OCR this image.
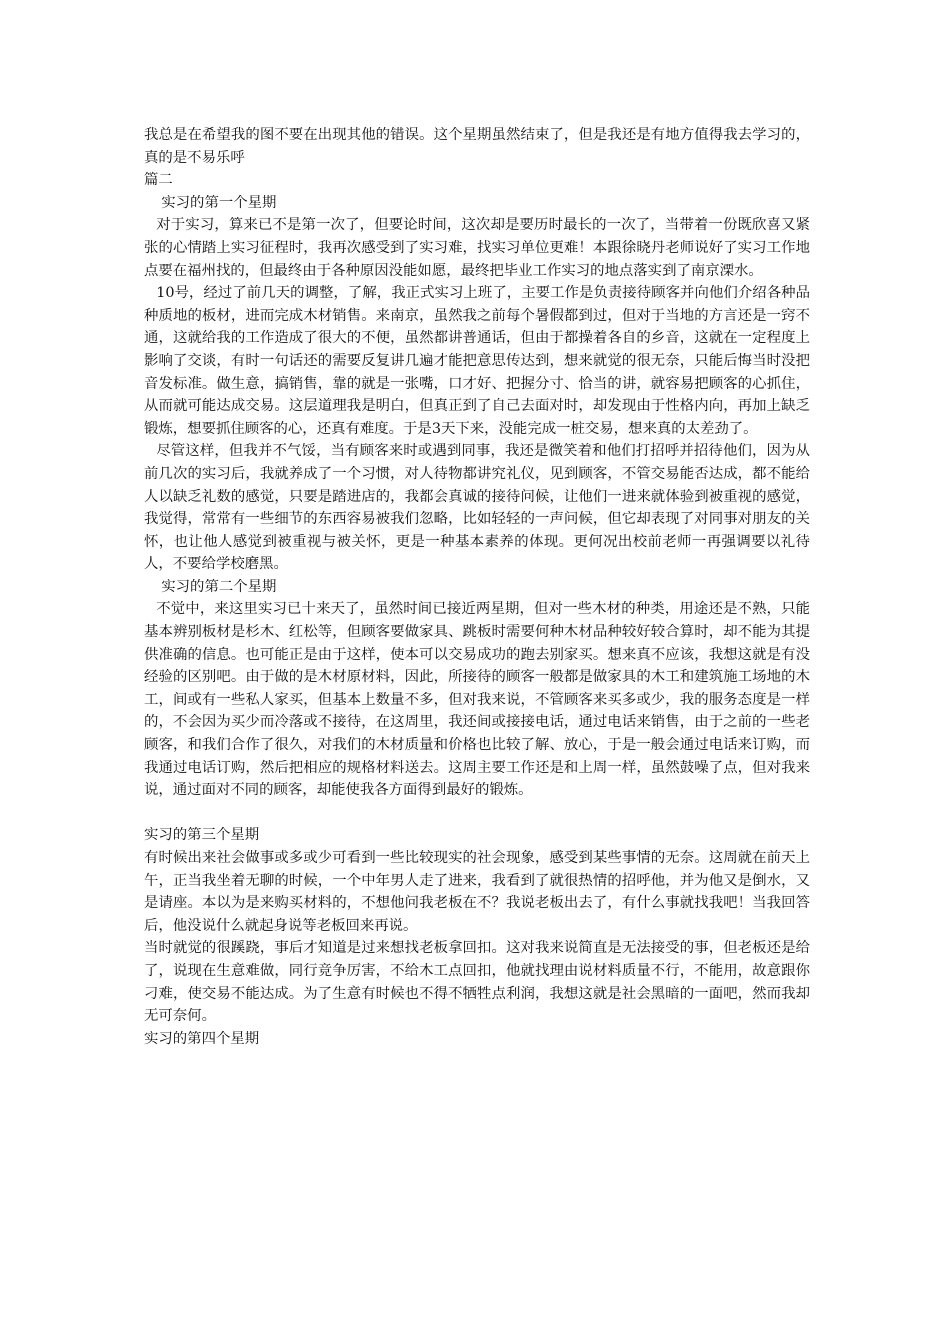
我总是在希望我的图不要在出现其他的错误。这个星期虽然结束了，但是我还是有地方值得我去学习的，真的是不易乐呼

篇二

实习的第一个星期

对于实习，算来已不是第一次了，但要论时间，这次却是要历时最长的一次了，当带着一份既欣喜又紧张的心情踏上实习征程时，我再次感受到了实习难，找实习单位更难！本跟徐晓丹老师说好了实习工作地点要在福州找的，但最终由于各种原因没能如愿，最终把毕业工作实习的地点落实到了南京溧水。

10号，经过了前几天的调整，了解，我正式实习上班了，主要工作是负责接待顾客并向他们介绍各种品种质地的板材，进而完成木材销售。来南京，虽然我之前每个暑假都到过，但对于当地的方言还是一窍不通，这就给我的工作造成了很大的不便，虽然都讲普通话，但由于都操着各自的乡音，这就在一定程度上影响了交谈，有时一句话还的需要反复讲几遍才能把意思传达到，想来就觉的很无奈，只能后悔当时没把音发标准。做生意，搞销售，靠的就是一张嘴，口才好、把握分寸、恰当的讲，就容易把顾客的心抓住，从而就可能达成交易。这层道理我是明白，但真正到了自己去面对时，却发现由于性格内向，再加上缺乏锻炼，想要抓住顾客的心，还真有难度。于是3天下来，没能完成一桩交易，想来真的太差劲了。

尽管这样，但我并不气馁，当有顾客来时或遇到同事，我还是微笑着和他们打招呼并招待他们，因为从前几次的实习后，我就养成了一个习惯，对人待物都讲究礼仪，见到顾客，不管交易能否达成，都不能给人以缺乏礼数的感觉，只要是踏进店的，我都会真诚的接待问候，让他们一进来就体验到被重视的感觉，我觉得，常常有一些细节的东西容易被我们忽略，比如轻轻的一声问候，但它却表现了对同事对朋友的关怀，也让他人感觉到被重视与被关怀，更是一种基本素养的体现。更何况出校前老师一再强调要以礼待人，不要给学校磨黑。

实习的第二个星期

不觉中，来这里实习已十来天了，虽然时间已接近两星期，但对一些木材的种类，用途还是不熟，只能基本辨别板材是杉木、红松等，但顾客要做家具、跳板时需要何种木材品种较好较合算时，却不能为其提供准确的信息。也可能正是由于这样，使本可以交易成功的跑去别家买。想来真不应该，我想这就是有没经验的区别吧。由于做的是木材原材料，因此，所接待的顾客一般都是做家具的木工和建筑施工场地的木工，间或有一些私人家买，但基本上数量不多，但对我来说，不管顾客来买多或少，我的服务态度是一样的，不会因为买少而冷落或不接待，在这周里，我还间或接接电话，通过电话来销售，由于之前的一些老顾客，和我们合作了很久，对我们的木材质量和价格也比较了解、放心，于是一般会通过电话来订购，而我通过电话订购，然后把相应的规格材料送去。这周主要工作还是和上周一样，虽然鼓噪了点，但对我来说，通过面对不同的顾客，却能使我各方面得到最好的锻炼。

实习的第三个星期

有时候出来社会做事或多或少可看到一些比较现实的社会现象，感受到某些事情的无奈。这周就在前天上午，正当我坐着无聊的时候，一个中年男人走了进来，我看到了就很热情的招呼他，并为他又是倒水，又是请座。本以为是来购买材料的，不想他问我老板在不？我说老板出去了，有什么事就找我吧！当我回答后，他没说什么就起身说等老板回来再说。

当时就觉的很蹊跷，事后才知道是过来想找老板拿回扣。这对我来说简直是无法接受的事，但老板还是给了，说现在生意难做，同行竞争厉害，不给木工点回扣，他就找理由说材料质量不行，不能用，故意跟你刁难，使交易不能达成。为了生意有时候也不得不牺牲点利润，我想这就是社会黑暗的一面吧，然而我却无可奈何。

实习的第四个星期
